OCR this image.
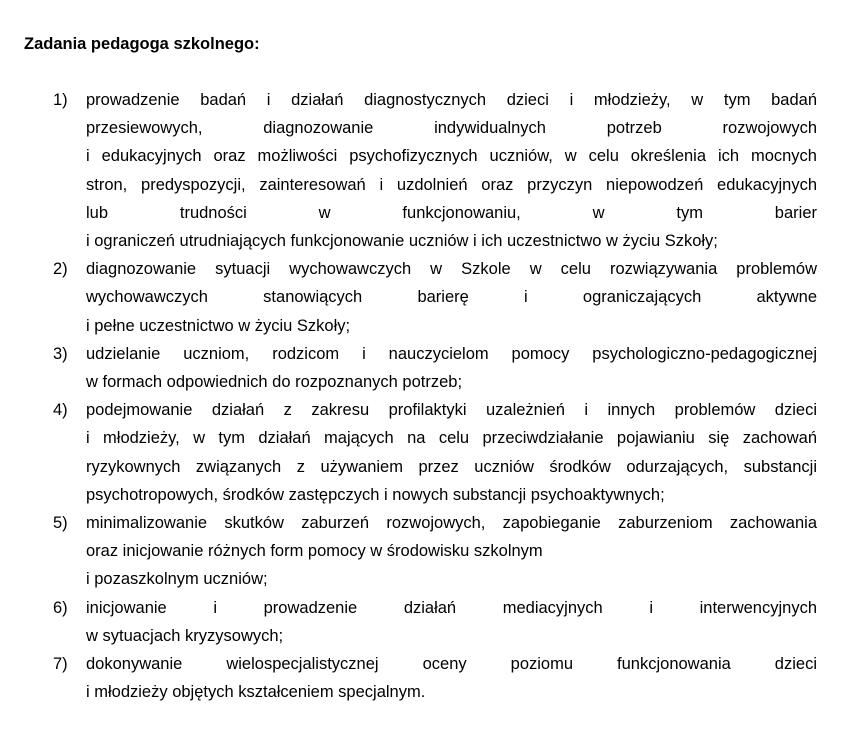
Zadania pedagoga szkolnego:
1) prowadzenie badań i działań diagnostycznych dzieci i młodzieży, w tym badań
przesiewowych, diagnozowanie indywidualnych potrzeb rozwojowych
i edukacyjnych oraz możliwości psychofizycznych uczniów, w celu określenia ich mocnych
stron, predyspozycji, zainteresowań i uzdolnień oraz przyczyn niepowodzeń edukacyjnych
lub trudności w funkcjonowaniu, w tym barier
i ograniczeń utrudniających funkcjonowanie uczniów i ich uczestnictwo w życiu Szkoły;
2) diagnozowanie sytuacji wychowawczych w Szkole w celu rozwiązywania problemów
wychowawczych stanowiących barierę i ograniczających aktywne
i pełne uczestnictwo w życiu Szkoły;
3) udzielanie uczniom, rodzicom i nauczycielom pomocy psychologiczno-pedagogicznej
w formach odpowiednich do rozpoznanych potrzeb;
4) podejmowanie działań z zakresu profilaktyki uzależnień i innych problemów dzieci
i młodzieży, w tym działań mających na celu przeciwdziałanie pojawianiu się zachowań
ryzykownych związanych z używaniem przez uczniów środków odurzających, substancji
psychotropowych, środków zastępczych i nowych substancji psychoaktywnych;
5) minimalizowanie skutków zaburzeń rozwojowych, zapobieganie zaburzeniom zachowania
oraz inicjowanie różnych form pomocy w środowisku szkolnym
i pozaszkolnym uczniów;
6) inicjowanie i prowadzenie działań mediacyjnych i interwencyjnych
w sytuacjach kryzysowych;
7) dokonywanie wielospecjalistycznej oceny poziomu funkcjonowania dzieci
i młodzieży objętych kształceniem specjalnym.
